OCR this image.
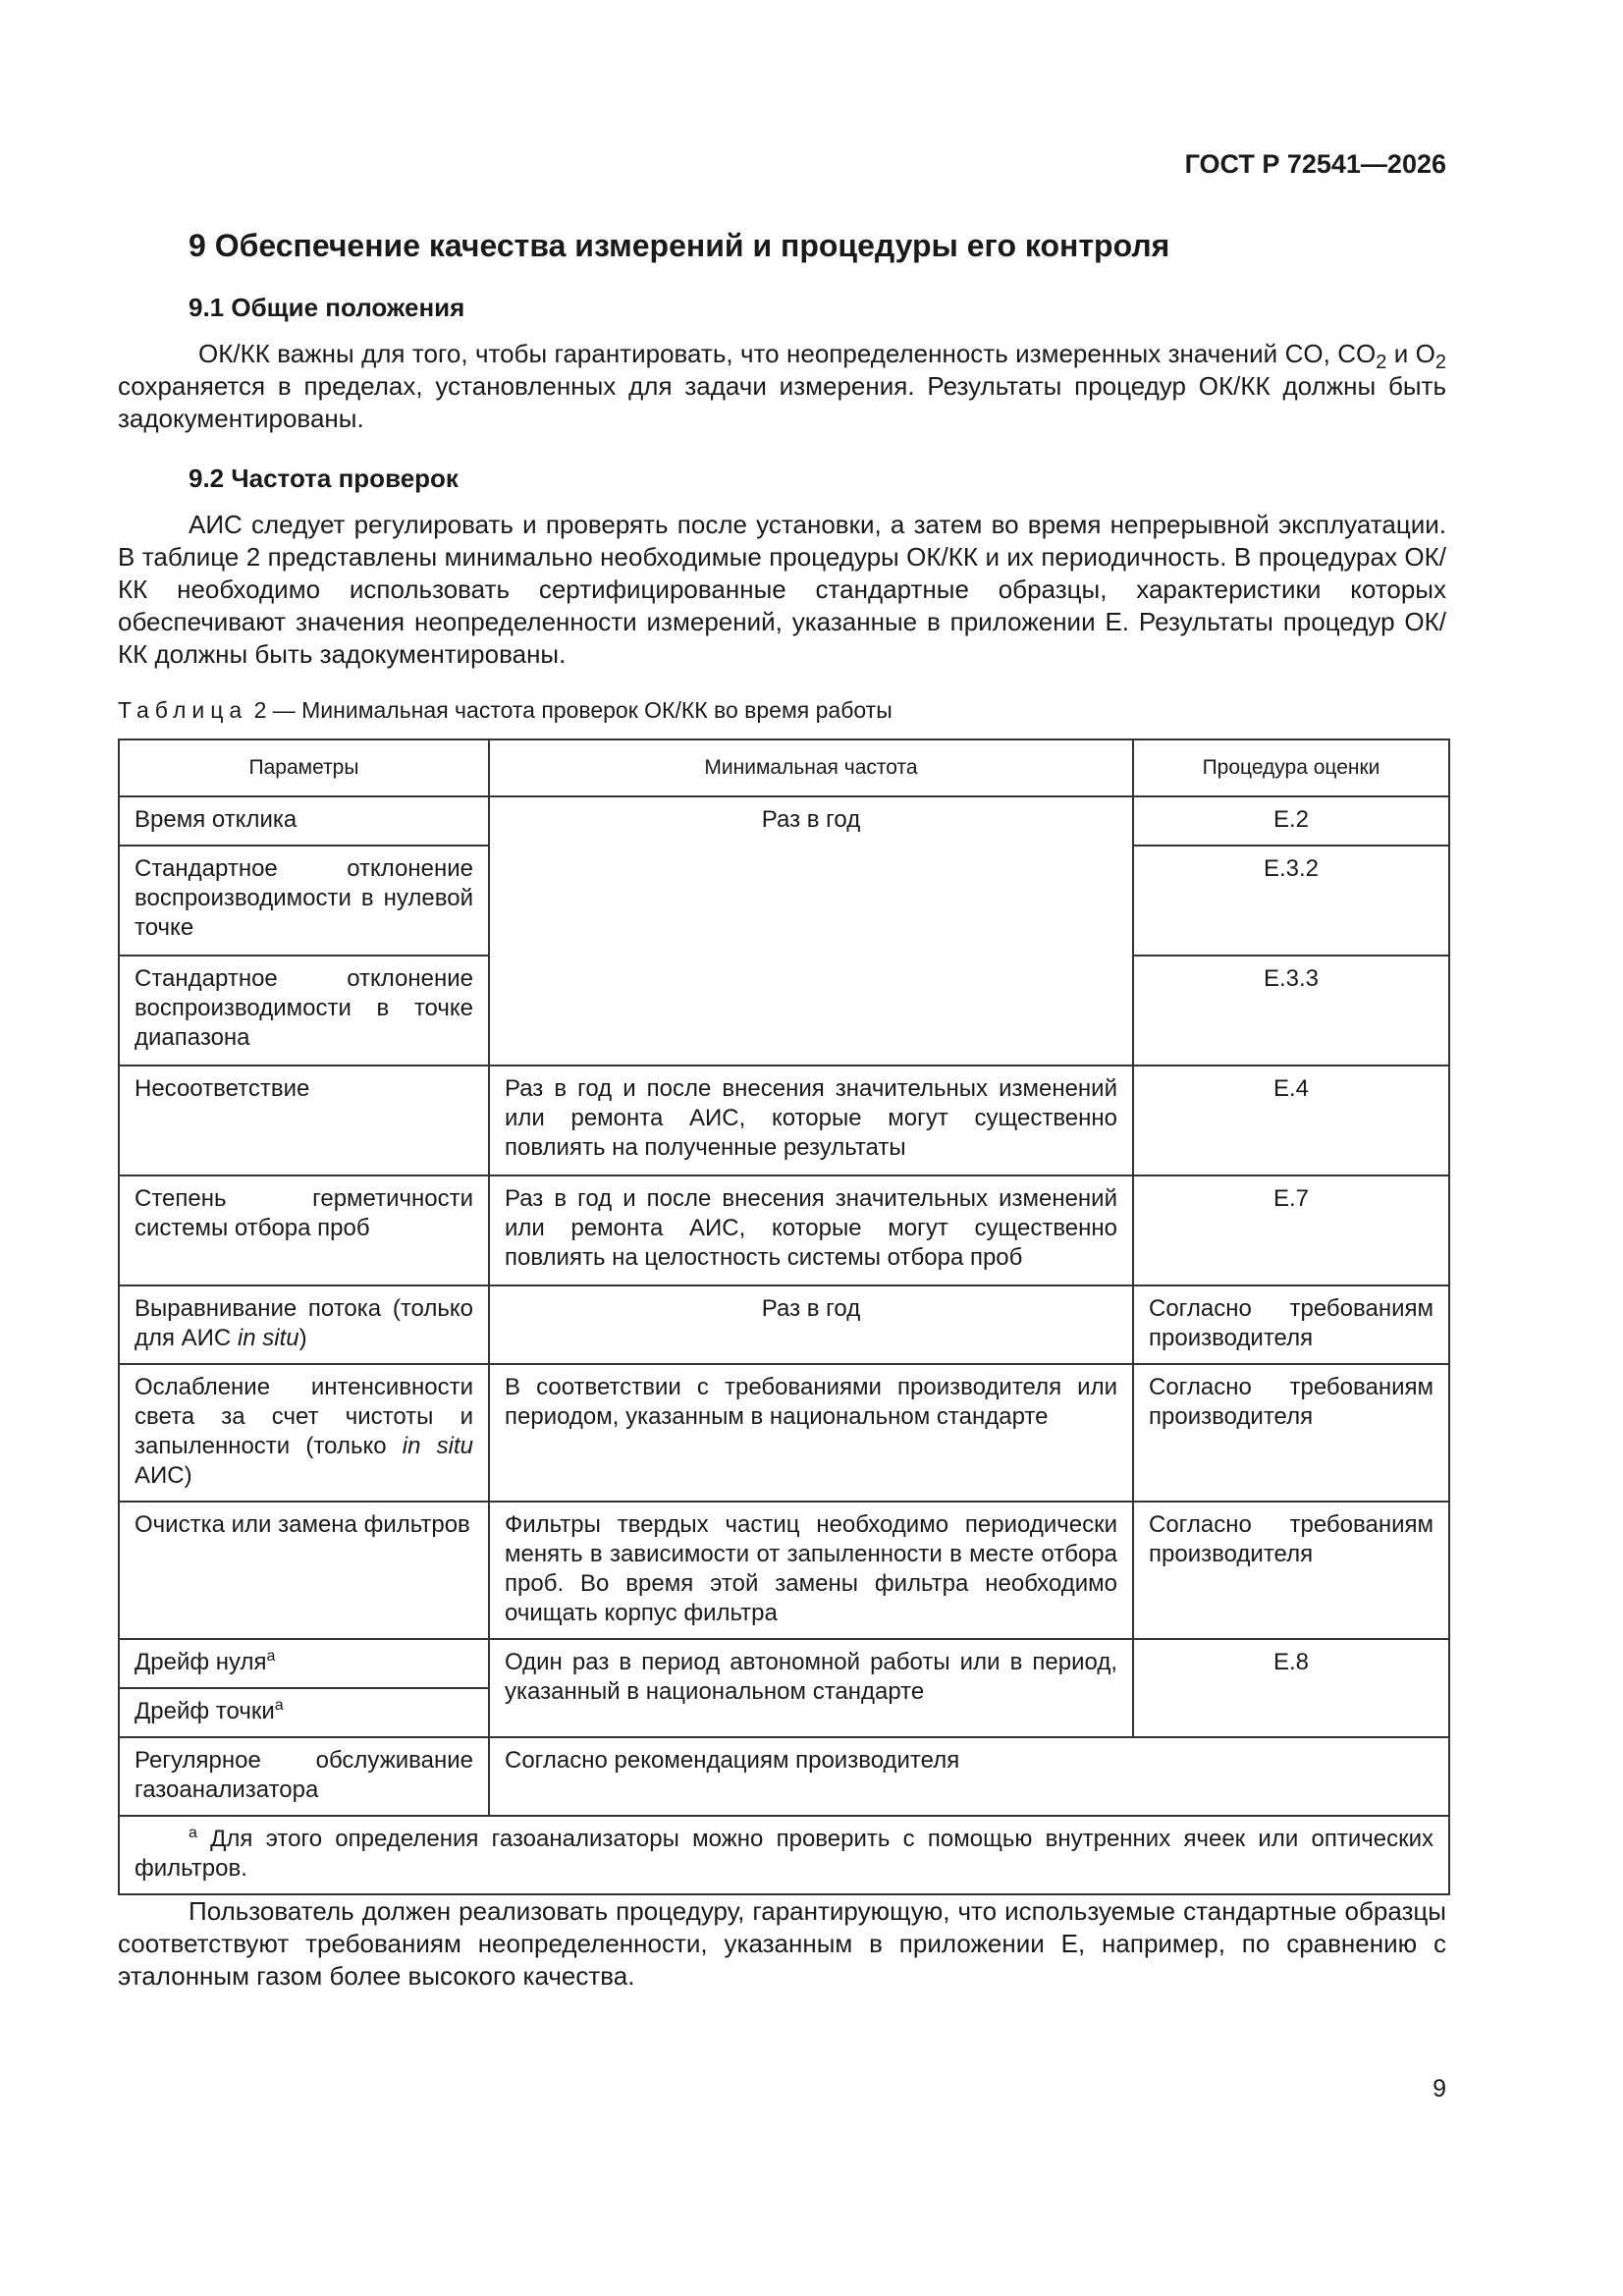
ГОСТ Р 72541—2026
9 Обеспечение качества измерений и процедуры его контроля
9.1 Общие положения

ОК/КК важны для того, чтобы гарантировать, что неопределенность измеренных значений CO, $CO_2$ и $O_2$ сохраняется в пределах, установленных для задачи измерения. Результаты процедур ОК/КК должны быть задокументированы.

9.2 Частота проверок

АИС следует регулировать и проверять после установки, а затем во время непрерывной эксплуатации. В таблице 2 представлены минимально необходимые процедуры ОК/КК и их периодичность. В процедурах ОК/КК необходимо использовать сертифицированные стандартные образцы, характеристики которых обеспечивают значения неопределенности измерений, указанные в приложении Е. Результаты процедур ОК/КК должны быть задокументированы.

Таблица 2 — Минимальная частота проверок ОК/КК во время работы
Параметры	Минимальная частота	Процедура оценки
Время отклика	Раз в год	E.2
Стандартное отклонение воспроизводимости в нулевой точке		E.3.2
Стандартное отклонение воспроизводимости в точке диапазона		E.3.3
Несоответствие	Раз в год и после внесения значительных изменений или ремонта АИС, которые могут существенно повлиять на полученные результаты	E.4
Степень герметичности системы отбора проб	Раз в год и после внесения значительных изменений или ремонта АИС, которые могут существенно повлиять на целостность системы отбора проб	E.7
Выравнивание потока (только для АИС in situ)	Раз в год	Согласно требованиям производителя
Ослабление интенсивности света за счет чистоты и запыленности (только in situ АИС)	В соответствии с требованиями производителя или периодом, указанным в национальном стандарте	Согласно требованиям производителя
Очистка или замена фильтров	Фильтры твердых частиц необходимо периодически менять в зависимости от запыленности в месте отбора проб. Во время этой замены фильтра необходимо очищать корпус фильтра	Согласно требованиям производителя
Дрейф нуля$^a$	Один раз в период автономной работы или в период, указанный в национальном стандарте	E.8
Дрейф точки$^a$
Регулярное обслуживание газоанализатора	Согласно рекомендациям производителя	
$^a$ Для этого определения газоанализаторы можно проверить с помощью внутренних ячеек или оптических фильтров.		

Пользователь должен реализовать процедуру, гарантирующую, что используемые стандартные образцы соответствуют требованиям неопределенности, указанным в приложении Е, например, по сравнению с эталонным газом более высокого качества.

9
